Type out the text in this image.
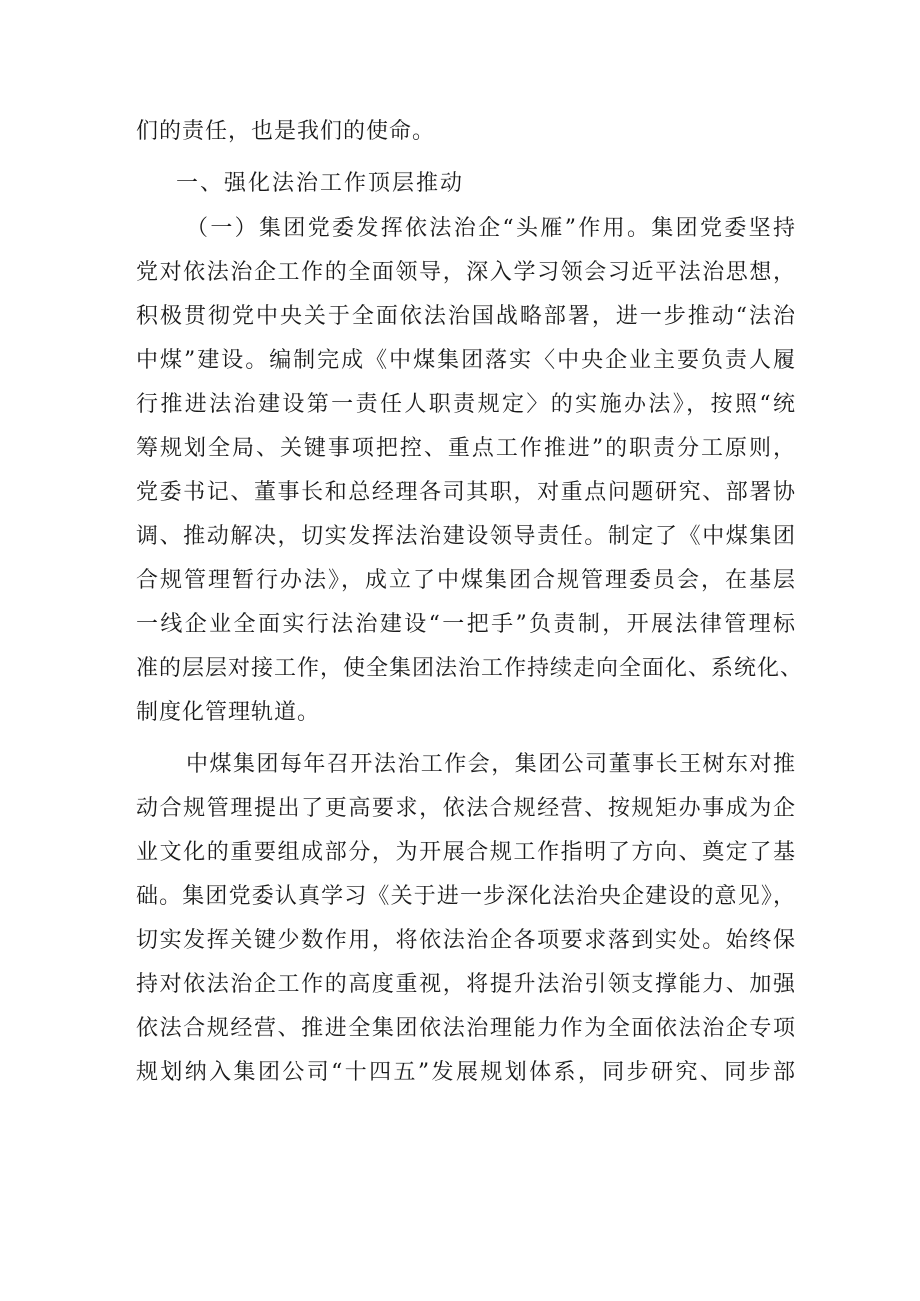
们的责任，也是我们的使命。
一、强化法治工作顶层推动
（一）集团党委发挥依法治企“头雁”作用。集团党委坚持
党对依法治企工作的全面领导，深入学习领会习近平法治思想，
积极贯彻党中央关于全面依法治国战略部署，进一步推动“法治
中煤”建设。编制完成《中煤集团落实〈中央企业主要负责人履
行推进法治建设第一责任人职责规定〉的实施办法》，按照“统
筹规划全局、关键事项把控、重点工作推进”的职责分工原则，
党委书记、董事长和总经理各司其职，对重点问题研究、部署协
调、推动解决，切实发挥法治建设领导责任。制定了《中煤集团
合规管理暂行办法》，成立了中煤集团合规管理委员会，在基层
一线企业全面实行法治建设“一把手”负责制，开展法律管理标
准的层层对接工作，使全集团法治工作持续走向全面化、系统化、
制度化管理轨道。
中煤集团每年召开法治工作会，集团公司董事长王树东对推
动合规管理提出了更高要求，依法合规经营、按规矩办事成为企
业文化的重要组成部分，为开展合规工作指明了方向、奠定了基
础。集团党委认真学习《关于进一步深化法治央企建设的意见》，
切实发挥关键少数作用，将依法治企各项要求落到实处。始终保
持对依法治企工作的高度重视，将提升法治引领支撑能力、加强
依法合规经营、推进全集团依法治理能力作为全面依法治企专项
规划纳入集团公司“十四五”发展规划体系，同步研究、同步部
